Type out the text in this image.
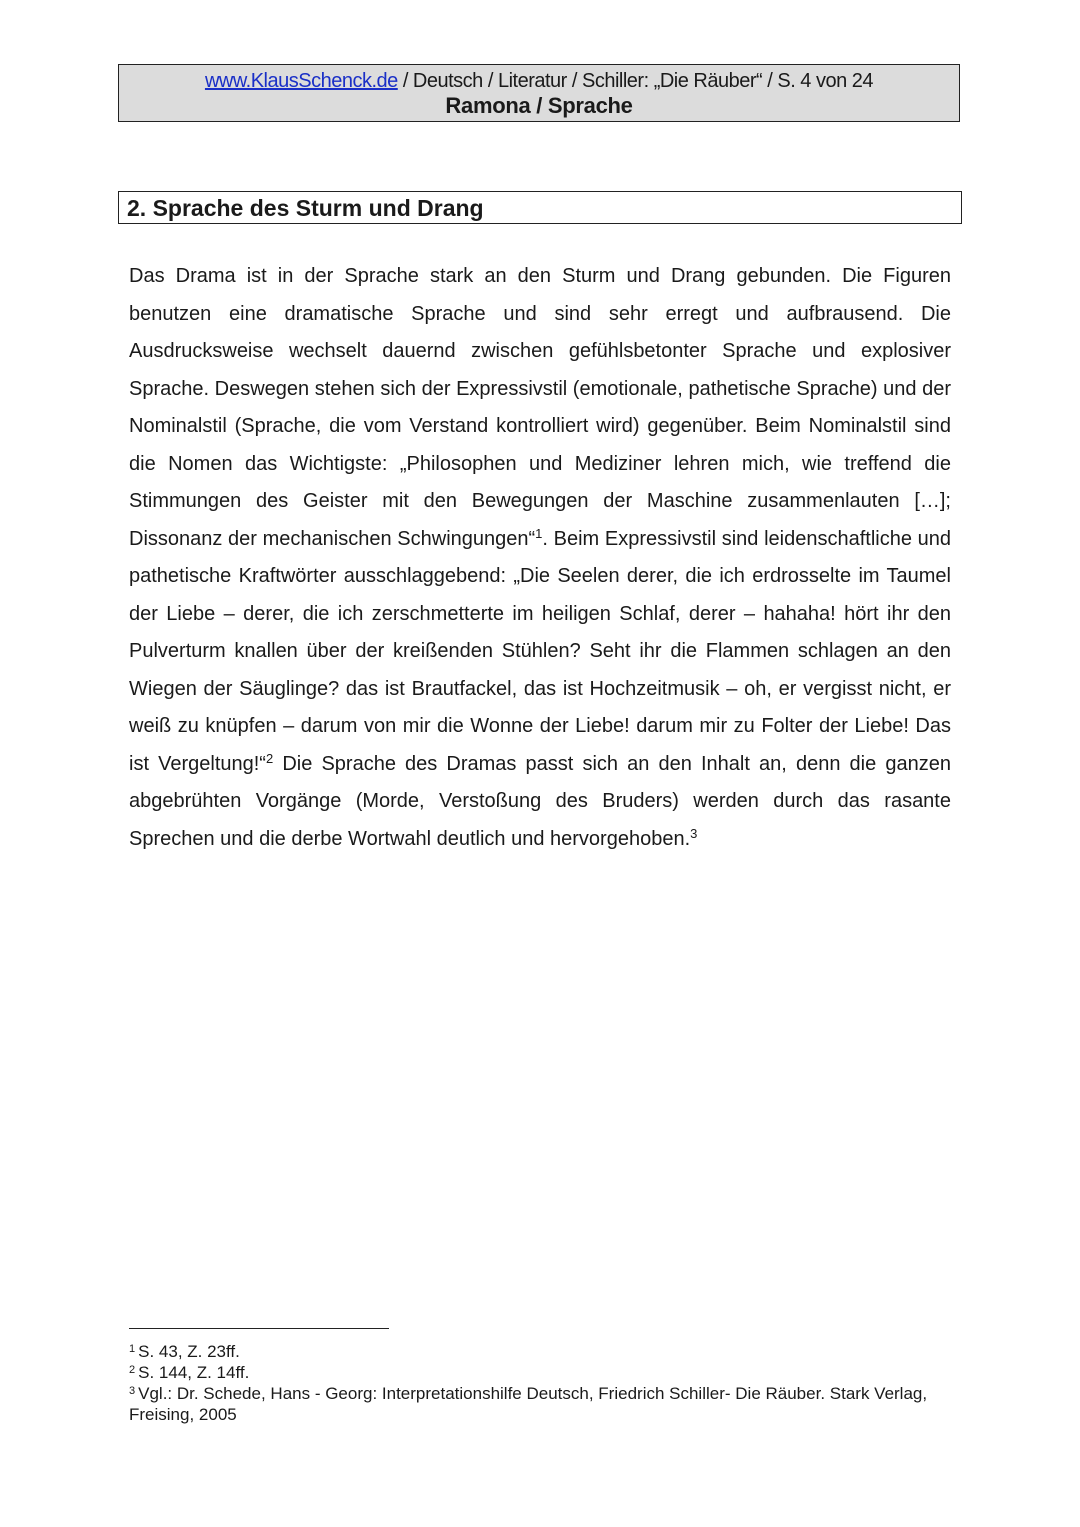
www.KlausSchenck.de / Deutsch / Literatur / Schiller: „Die Räuber“ / S. 4 von 24
Ramona / Sprache
2. Sprache des Sturm und Drang
Das Drama ist in der Sprache stark an den Sturm und Drang gebunden. Die Figuren benutzen eine dramatische Sprache und sind sehr erregt und aufbrausend. Die Ausdrucksweise wechselt dauernd zwischen gefühlsbetonter Sprache und explosiver Sprache. Deswegen stehen sich der Expressivstil (emotionale, pathetische Sprache) und der Nominalstil (Sprache, die vom Verstand kontrolliert wird) gegenüber. Beim Nominalstil sind die Nomen das Wichtigste: „Philosophen und Mediziner lehren mich, wie treffend die Stimmungen des Geister mit den Bewegungen der Maschine zusammenlauten […]; Dissonanz der mechanischen Schwingungen“$^1$. Beim Expressivstil sind leidenschaftliche und pathetische Kraftwörter ausschlaggebend: „Die Seelen derer, die ich erdrosselte im Taumel der Liebe – derer, die ich zerschmetterte im heiligen Schlaf, derer – hahaha! hört ihr den Pulverturm knallen über der kreißenden Stühlen? Seht ihr die Flammen schlagen an den Wiegen der Säuglinge? das ist Brautfackel, das ist Hochzeitmusik – oh, er vergisst nicht, er weiß zu knüpfen – darum von mir die Wonne der Liebe! darum mir zu Folter der Liebe! Das ist Vergeltung!“$^2$ Die Sprache des Dramas passt sich an den Inhalt an, denn die ganzen abgebrühten Vorgänge (Morde, Verstoßung des Bruders) werden durch das rasante Sprechen und die derbe Wortwahl deutlich und hervorgehoben.$^3$
$^1$ S. 43, Z. 23ff.
$^2$ S. 144, Z. 14ff.
$^3$ Vgl.: Dr. Schede, Hans - Georg: Interpretationshilfe Deutsch, Friedrich Schiller- Die Räuber. Stark Verlag, Freising, 2005
